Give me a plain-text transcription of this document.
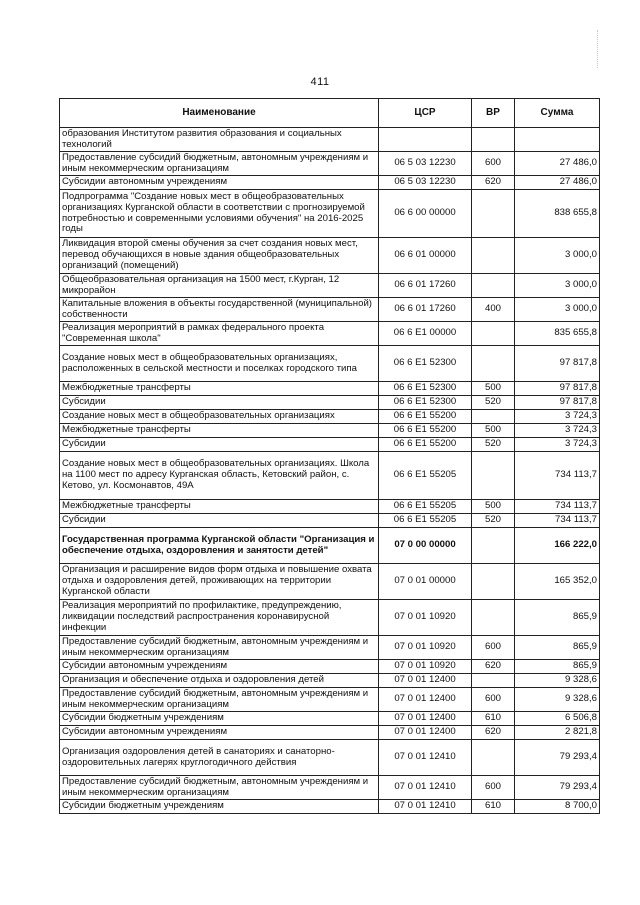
411
Наименование	ЦСР	ВР	Сумма
образования Институтом развития образования и социальных технологий			
Предоставление субсидий бюджетным, автономным учреждениям и иным некоммерческим организациям	06 5 03 12230	600	27 486,0
Субсидии автономным учреждениям	06 5 03 12230	620	27 486,0
Подпрограмма "Создание новых мест в общеобразовательных организациях Курганской области в соответствии с прогнозируемой потребностью и современными условиями обучения" на 2016-2025 годы	06 6 00 00000		838 655,8
Ликвидация второй смены обучения за счет создания новых мест, перевод обучающихся в новые здания общеобразовательных организаций (помещений)	06 6 01 00000		3 000,0
Общеобразовательная организация на 1500 мест, г.Курган, 12 микрорайон	06 6 01 17260		3 000,0
Капитальные вложения в объекты государственной (муниципальной) собственности	06 6 01 17260	400	3 000,0
Реализация мероприятий в рамках федерального проекта "Современная школа"	06 6 E1 00000		835 655,8
Создание новых мест в общеобразовательных организациях, расположенных в сельской местности и поселках городского типа	06 6 E1 52300		97 817,8
Межбюджетные трансферты	06 6 E1 52300	500	97 817,8
Субсидии	06 6 E1 52300	520	97 817,8
Создание новых мест в общеобразовательных организациях	06 6 E1 55200		3 724,3
Межбюджетные трансферты	06 6 E1 55200	500	3 724,3
Субсидии	06 6 E1 55200	520	3 724,3
Создание новых мест в общеобразовательных организациях. Школа на 1100 мест по адресу Курганская область, Кетовский район, с. Кетово, ул. Космонавтов, 49А	06 6 E1 55205		734 113,7
Межбюджетные трансферты	06 6 E1 55205	500	734 113,7
Субсидии	06 6 E1 55205	520	734 113,7
Государственная программа Курганской области "Организация и обеспечение отдыха, оздоровления и занятости детей"	07 0 00 00000		166 222,0
Организация и расширение видов форм отдыха и повышение охвата отдыха и оздоровления детей, проживающих на территории Курганской области	07 0 01 00000		165 352,0
Реализация мероприятий по профилактике, предупреждению, ликвидации последствий распространения коронавирусной инфекции	07 0 01 10920		865,9
Предоставление субсидий бюджетным, автономным учреждениям и иным некоммерческим организациям	07 0 01 10920	600	865,9
Субсидии автономным учреждениям	07 0 01 10920	620	865,9
Организация и обеспечение отдыха и оздоровления детей	07 0 01 12400		9 328,6
Предоставление субсидий бюджетным, автономным учреждениям и иным некоммерческим организациям	07 0 01 12400	600	9 328,6
Субсидии бюджетным учреждениям	07 0 01 12400	610	6 506,8
Субсидии автономным учреждениям	07 0 01 12400	620	2 821,8
Организация оздоровления детей в санаториях и санаторно-оздоровительных лагерях круглогодичного действия	07 0 01 12410		79 293,4
Предоставление субсидий бюджетным, автономным учреждениям и иным некоммерческим организациям	07 0 01 12410	600	79 293,4
Субсидии бюджетным учреждениям	07 0 01 12410	610	8 700,0
